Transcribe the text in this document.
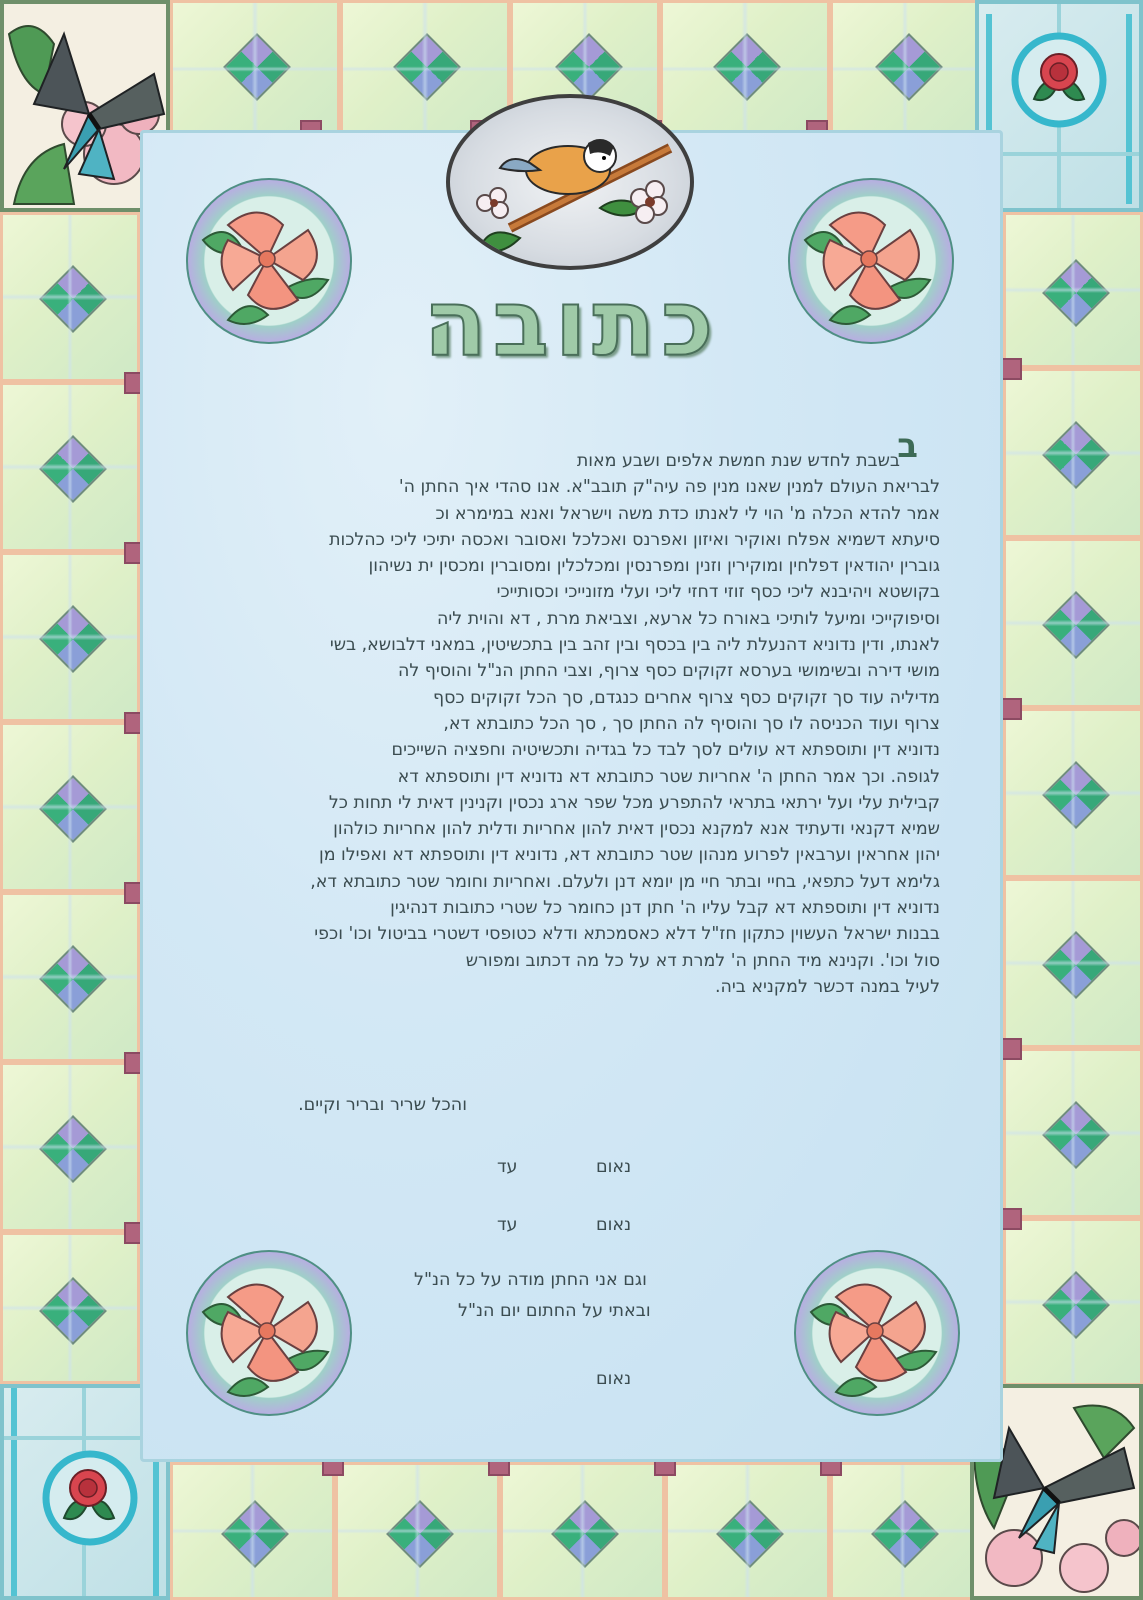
כתובה
ב
בשבת לחדש שנת חמשת אלפים ושבע מאות
לבריאת העולם למנין שאנו מנין פה עיה"ק תובב"א. אנו סהדי איך החתן ה'
אמר להדא הכלה מ' הוי לי לאנתו כדת משה וישראל ואנא במימרא וכ
סיעתא דשמיא אפלח ואוקיר ואיזון ואפרנס ואכלכל ואסובר ואכסה יתיכי ליכי כהלכות
גוברין יהודאין דפלחין ומוקירין וזנין ומפרנסין ומכלכלין ומסוברין ומכסין ית נשיהון
בקושטא ויהיבנא ליכי כסף זוזי דחזי ליכי ועלי מזונייכי וכסותייכי
וסיפוקייכי ומיעל לותיכי באורח כל ארעא, וצביאת מרת , דא והוית ליה
לאנתו, ודין נדוניא דהנעלת ליה בין בכסף ובין זהב בין בתכשיטין, במאני דלבושא, בשי
מושי דירה ובשימושי בערסא זקוקים כסף צרוף, וצבי החתן הנ"ל והוסיף לה
מדיליה עוד סך זקוקים כסף צרוף אחרים כנגדם, סך הכל זקוקים כסף
צרוף ועוד הכניסה לו סך והוסיף לה החתן סך , סך הכל כתובתא דא,
נדוניא דין ותוספתא דא עולים לסך לבד כל בגדיה ותכשיטיה וחפציה השייכים
לגופה. וכך אמר החתן ה' אחריות שטר כתובתא דא נדוניא דין ותוספתא דא
קבילית עלי ועל ירתאי בתראי להתפרע מכל שפר ארג נכסין וקנינין דאית לי תחות כל
שמיא דקנאי ודעתיד אנא למקנא נכסין דאית להון אחריות ודלית להון אחריות כולהון
יהון אחראין וערבאין לפרוע מנהון שטר כתובתא דא, נדוניא דין ותוספתא דא ואפילו מן
גלימא דעל כתפאי, בחיי ובתר חיי מן יומא דנן ולעלם. ואחריות וחומר שטר כתובתא דא,
נדוניא דין ותוספתא דא קבל עליו ה' חתן דנן כחומר כל שטרי כתובות דנהיגין
בבנות ישראל העשוין כתקון חז"ל דלא כאסמכתא ודלא כטופסי דשטרי בביטול וכו' וכפי
סול וכו'. וקנינא מיד החתן ה' למרת דא על כל מה דכתוב ומפורש
לעיל במנה דכשר למקניא ביה.
והכל שריר ובריר וקיים.
נאום
עד
נאום
עד
וגם אני החתן מודה על כל הנ"ל
ובאתי על החתום יום הנ"ל
נאום
